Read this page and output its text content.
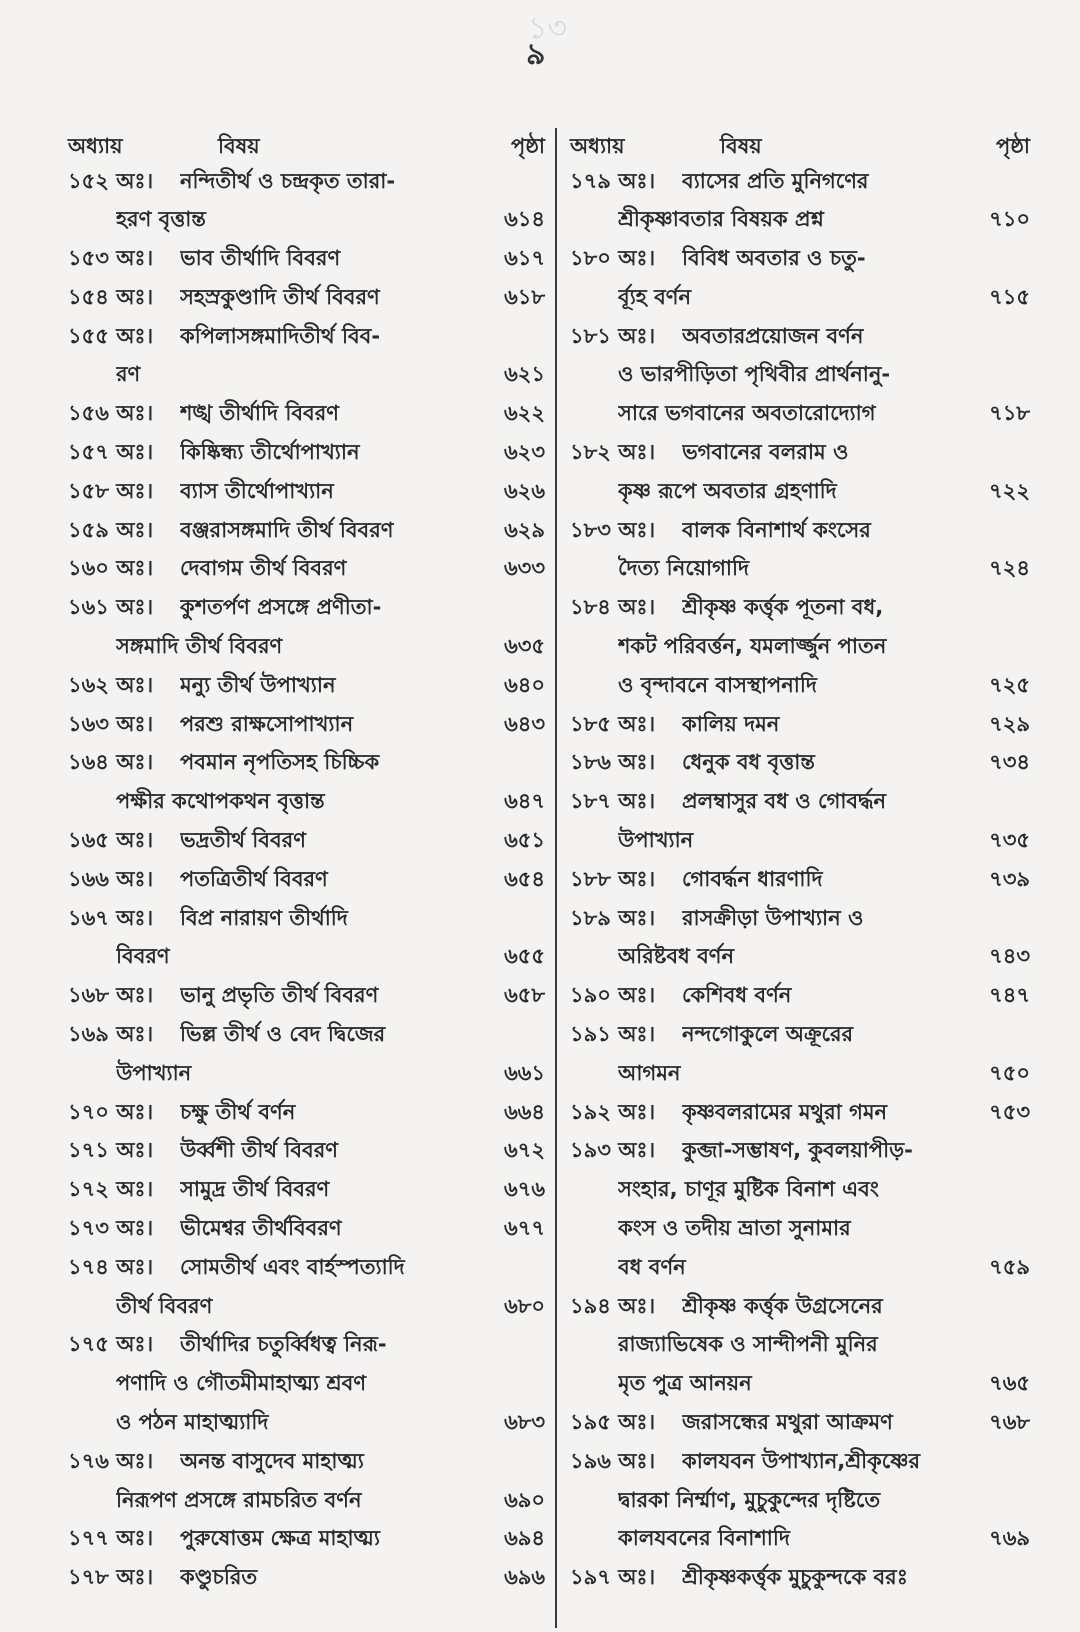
১৩
৯
অধ্যায়	বিষয়	পৃষ্ঠা
১৫২ অঃ।	নন্দিতীর্থ ও চন্দ্রকৃত তারা-
হরণ বৃত্তান্ত	৬১৪
১৫৩ অঃ।	ভাব তীর্থাদি বিবরণ	৬১৭
১৫৪ অঃ।	সহস্রকুণ্ডাদি তীর্থ বিবরণ	৬১৮
১৫৫ অঃ।	কপিলাসঙ্গমাদিতীর্থ বিব-
রণ	৬২১
১৫৬ অঃ।	শঙ্খ তীর্থাদি বিবরণ	৬২২
১৫৭ অঃ।	কিষ্কিন্ধ্য তীর্থোপাখ্যান	৬২৩
১৫৮ অঃ।	ব্যাস তীর্থোপাখ্যান	৬২৬
১৫৯ অঃ।	বঞ্জরাসঙ্গমাদি তীর্থ বিবরণ	৬২৯
১৬০ অঃ।	দেবাগম তীর্থ বিবরণ	৬৩৩
১৬১ অঃ।	কুশতর্পণ প্রসঙ্গে প্রণীতা-
সঙ্গমাদি তীর্থ বিবরণ	৬৩৫
১৬২ অঃ।	মন্যু তীর্থ উপাখ্যান	৬৪০
১৬৩ অঃ।	পরশু রাক্ষসোপাখ্যান	৬৪৩
১৬৪ অঃ।	পবমান নৃপতিসহ চিচ্চিক
পক্ষীর কথোপকথন বৃত্তান্ত	৬৪৭
১৬৫ অঃ।	ভদ্রতীর্থ বিবরণ	৬৫১
১৬৬ অঃ।	পতত্রিতীর্থ বিবরণ	৬৫৪
১৬৭ অঃ।	বিপ্র নারায়ণ তীর্থাদি
বিবরণ	৬৫৫
১৬৮ অঃ।	ভানু প্রভৃতি তীর্থ বিবরণ	৬৫৮
১৬৯ অঃ।	ভিল্ল তীর্থ ও বেদ দ্বিজের
উপাখ্যান	৬৬১
১৭০ অঃ।	চক্ষু তীর্থ বর্ণন	৬৬৪
১৭১ অঃ।	উর্ব্বশী তীর্থ বিবরণ	৬৭২
১৭২ অঃ।	সামুদ্র তীর্থ বিবরণ	৬৭৬
১৭৩ অঃ।	ভীমেশ্বর তীর্থবিবরণ	৬৭৭
১৭৪ অঃ।	সোমতীর্থ এবং বার্হস্পত্যাদি
তীর্থ বিবরণ	৬৮০
১৭৫ অঃ।	তীর্থাদির চতুর্ব্বিধত্ব নিরূ-
পণাদি ও গৌতমীমাহাত্ম্য শ্রবণ
ও পঠন মাহাত্ম্যাদি	৬৮৩
১৭৬ অঃ।	অনন্ত বাসুদেব মাহাত্ম্য
নিরূপণ প্রসঙ্গে রামচরিত বর্ণন	৬৯০
১৭৭ অঃ।	পুরুষোত্তম ক্ষেত্র মাহাত্ম্য	৬৯৪
১৭৮ অঃ।	কণ্ডুচরিত	৬৯৬
অধ্যায়	বিষয়	পৃষ্ঠা
১৭৯ অঃ।	ব্যাসের প্রতি মুনিগণের
শ্রীকৃষ্ণাবতার বিষয়ক প্রশ্ন	৭১০
১৮০ অঃ।	বিবিধ অবতার ও চতু-
র্ব্যূহ বর্ণন	৭১৫
১৮১ অঃ।	অবতারপ্রয়োজন বর্ণন
ও ভারপীড়িতা পৃথিবীর প্রার্থনানু-
সারে ভগবানের অবতারোদ্যোগ	৭১৮
১৮২ অঃ।	ভগবানের বলরাম ও
কৃষ্ণ রূপে অবতার গ্রহণাদি	৭২২
১৮৩ অঃ।	বালক বিনাশার্থ কংসের
দৈত্য নিয়োগাদি	৭২৪
১৮৪ অঃ।	শ্রীকৃষ্ণ কর্ত্তৃক পূতনা বধ,
শকট পরিবর্ত্তন, যমলার্জ্জুন পাতন
ও বৃন্দাবনে বাসস্থাপনাদি	৭২৫
১৮৫ অঃ।	কালিয় দমন	৭২৯
১৮৬ অঃ।	ধেনুক বধ বৃত্তান্ত	৭৩৪
১৮৭ অঃ।	প্রলম্বাসুর বধ ও গোবর্দ্ধন
উপাখ্যান	৭৩৫
১৮৮ অঃ।	গোবর্দ্ধন ধারণাদি	৭৩৯
১৮৯ অঃ।	রাসক্রীড়া উপাখ্যান ও
অরিষ্টবধ বর্ণন	৭৪৩
১৯০ অঃ।	কেশিবধ বর্ণন	৭৪৭
১৯১ অঃ।	নন্দগোকুলে অক্রূরের
আগমন	৭৫০
১৯২ অঃ।	কৃষ্ণবলরামের মথুরা গমন	৭৫৩
১৯৩ অঃ।	কুব্জা-সম্ভাষণ, কুবলয়াপীড়-
সংহার, চাণূর মুষ্টিক বিনাশ এবং
কংস ও তদীয় ভ্রাতা সুনামার
বধ বর্ণন	৭৫৯
১৯৪ অঃ।	শ্রীকৃষ্ণ কর্ত্তৃক উগ্রসেনের
রাজ্যাভিষেক ও সান্দীপনী মুনির
মৃত পুত্র আনয়ন	৭৬৫
১৯৫ অঃ।	জরাসন্ধের মথুরা আক্রমণ	৭৬৮
১৯৬ অঃ।	কালযবন উপাখ্যান,শ্রীকৃষ্ণের
দ্বারকা নির্ম্মাণ, মুচুকুন্দের দৃষ্টিতে
কালযবনের বিনাশাদি	৭৬৯
১৯৭ অঃ।	শ্রীকৃষ্ণকর্ত্তৃক মুচুকুন্দকে বরঃ
